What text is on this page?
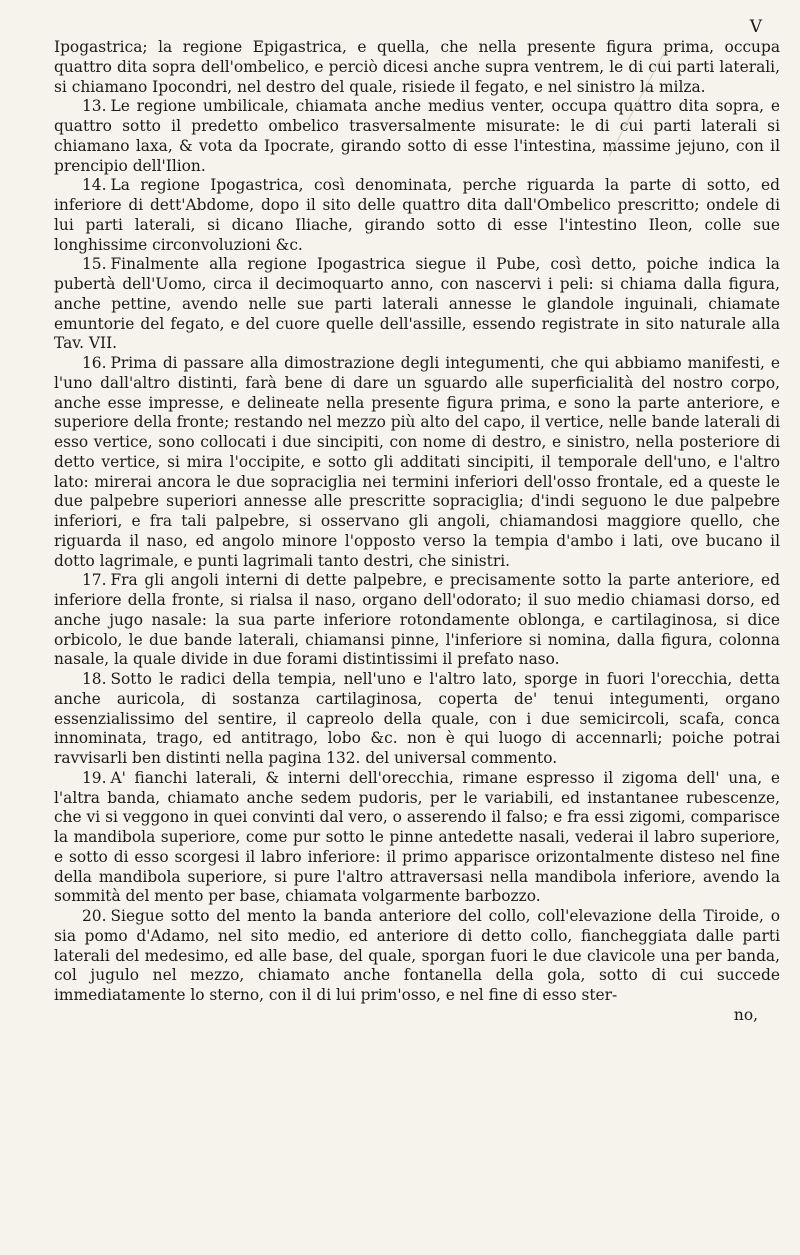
V

Ipogastrica; la regione Epigastrica, e quella, che nella presente figura prima, occupa quattro dita sopra dell'ombelico, e perciò dicesi anche supra ventrem, le di cui parti laterali, si chiamano Ipocondri, nel destro del quale, risiede il fegato, e nel sinistro la milza.

13. Le regione umbilicale, chiamata anche medius venter, occupa quattro dita sopra, e quattro sotto il predetto ombelico trasversalmente misurate: le di cui parti laterali si chiamano laxa, & vota da Ipocrate, girando sotto di esse l'intestina, massime jejuno, con il prencipio dell'Ilion.

14. La regione Ipogastrica, così denominata, perche riguarda la parte di sotto, ed inferiore di dett'Abdome, dopo il sito delle quattro dita dall'Ombelico prescritto; ondele di lui parti laterali, si dicano Iliache, girando sotto di esse l'intestino Ileon, colle sue longhissime circonvoluzioni &c.

15. Finalmente alla regione Ipogastrica siegue il Pube, così detto, poiche indica la pubertà dell'Uomo, circa il decimoquarto anno, con nascervi i peli: si chiama dalla figura, anche pettine, avendo nelle sue parti laterali annesse le glandole inguinali, chiamate emuntorie del fegato, e del cuore quelle dell'assille, essendo registrate in sito naturale alla Tav. VII.

16. Prima di passare alla dimostrazione degli integumenti, che qui abbiamo manifesti, e l'uno dall'altro distinti, farà bene di dare un sguardo alle superficialità del nostro corpo, anche esse impresse, e delineate nella presente figura prima, e sono la parte anteriore, e superiore della fronte; restando nel mezzo più alto del capo, il vertice, nelle bande laterali di esso vertice, sono collocati i due sincipiti, con nome di destro, e sinistro, nella posteriore di detto vertice, si mira l'occipite, e sotto gli additati sincipiti, il temporale dell'uno, e l'altro lato: mirerai ancora le due sopraciglia nei termini inferiori dell'osso frontale, ed a queste le due palpebre superiori annesse alle prescritte sopraciglia; d'indi seguono le due palpebre inferiori, e fra tali palpebre, si osservano gli angoli, chiamandosi maggiore quello, che riguarda il naso, ed angolo minore l'opposto verso la tempia d'ambo i lati, ove bucano il dotto lagrimale, e punti lagrimali tanto destri, che sinistri.

17. Fra gli angoli interni di dette palpebre, e precisamente sotto la parte anteriore, ed inferiore della fronte, si rialsa il naso, organo dell'odorato; il suo medio chiamasi dorso, ed anche jugo nasale: la sua parte inferiore rotondamente oblonga, e cartilaginosa, si dice orbicolo, le due bande laterali, chiamansi pinne, l'inferiore si nomina, dalla figura, colonna nasale, la quale divide in due forami distintissimi il prefato naso.

18. Sotto le radici della tempia, nell'uno e l'altro lato, sporge in fuori l'orecchia, detta anche auricola, di sostanza cartilaginosa, coperta de' tenui integumenti, organo essenzialissimo del sentire, il capreolo della quale, con i due semicircoli, scafa, conca innominata, trago, ed antitrago, lobo &c. non è qui luogo di accennarli; poiche potrai ravvisarli ben distinti nella pagina 132. del universal commento.

19. A' fianchi laterali, & interni dell'orecchia, rimane espresso il zigoma dell' una, e l'altra banda, chiamato anche sedem pudoris, per le variabili, ed instantanee rubescenze, che vi si veggono in quei convinti dal vero, o asserendo il falso; e fra essi zigomi, comparisce la mandibola superiore, come pur sotto le pinne antedette nasali, vederai il labro superiore, e sotto di esso scorgesi il labro inferiore: il primo apparisce orizontalmente disteso nel fine della mandibola superiore, si pure l'altro attraversasi nella mandibola inferiore, avendo la sommità del mento per base, chiamata volgarmente barbozzo.

20. Siegue sotto del mento la banda anteriore del collo, coll'elevazione della Tiroide, o sia pomo d'Adamo, nel sito medio, ed anteriore di detto collo, fiancheggiata dalle parti laterali del medesimo, ed alle base, del quale, sporgan fuori le due clavicole una per banda, col jugulo nel mezzo, chiamato anche fontanella della gola, sotto di cui succede immediatamente lo sterno, con il di lui prim'osso, e nel fine di esso ster-

no,
